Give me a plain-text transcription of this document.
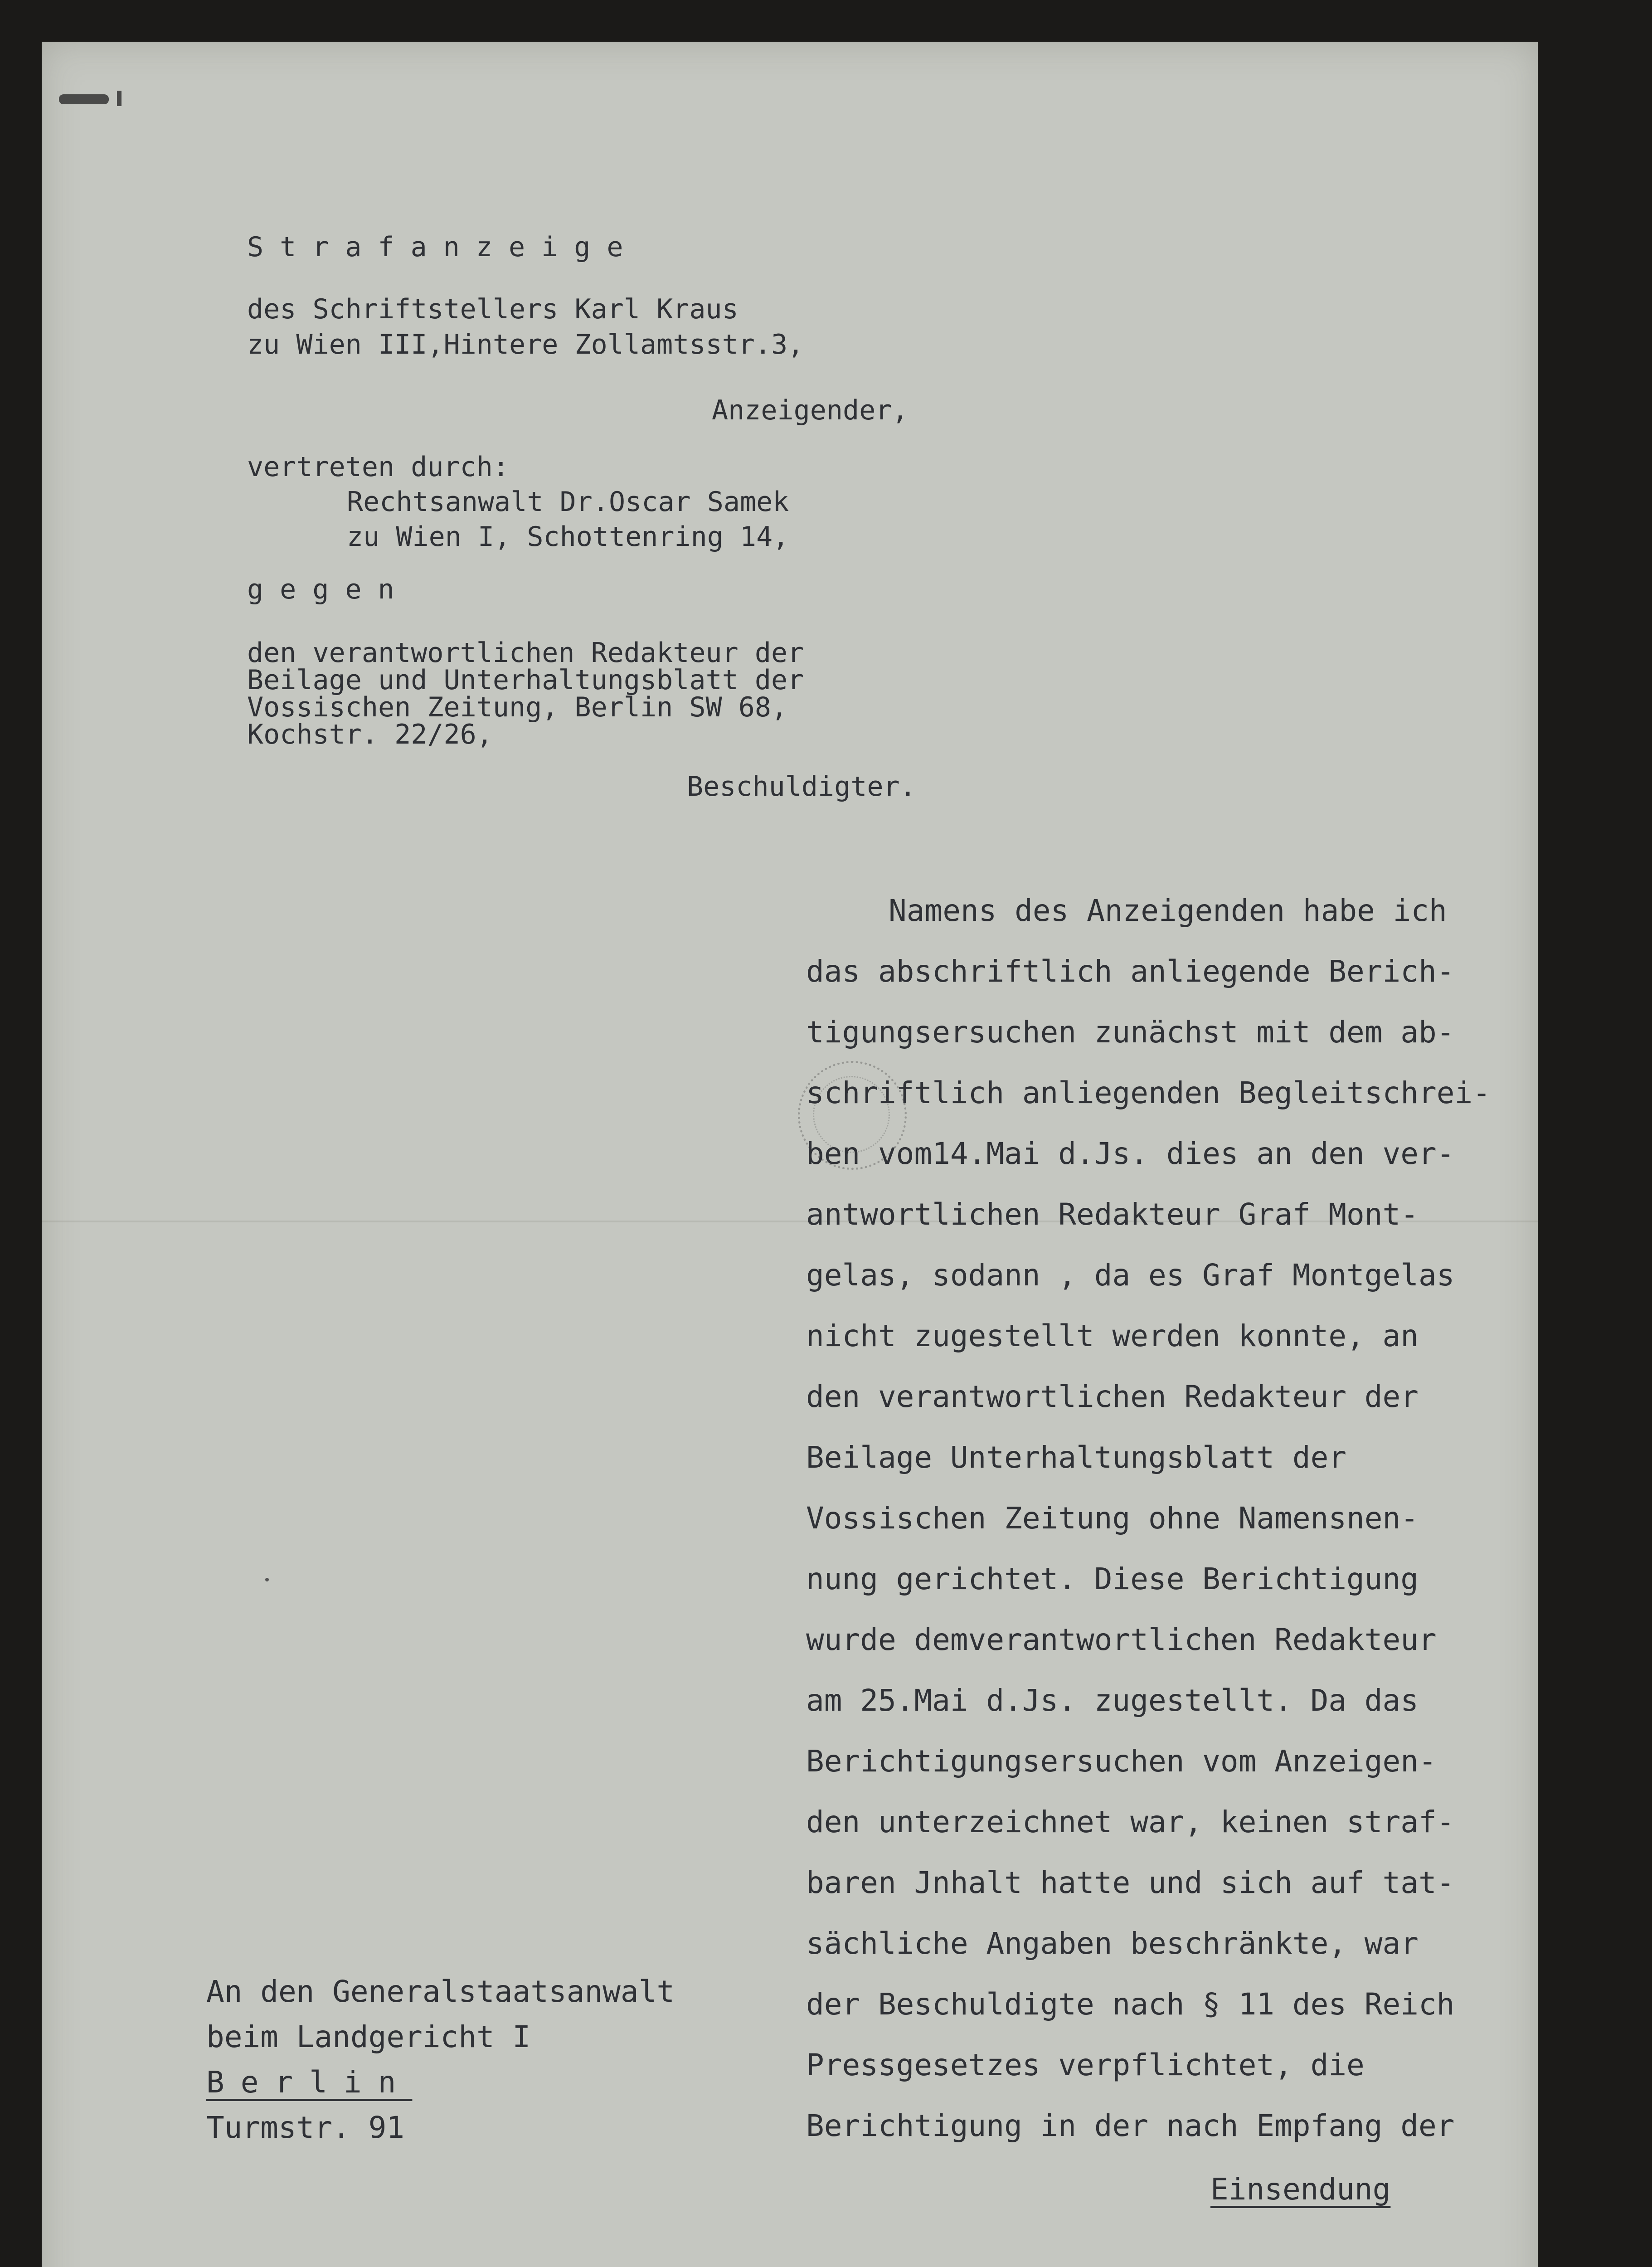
Strafanzeige

des Schriftstellers Karl Kraus

zu Wien III,Hintere Zollamtsstr.3,

Anzeigender,

vertreten durch:

Rechtsanwalt Dr.Oscar Samek

zu Wien I, Schottenring 14,

gegen

den verantwortlichen Redakteur der

Beilage und Unterhaltungsblatt der

Vossischen Zeitung, Berlin SW 68,

Kochstr. 22/26,

Beschuldigter.

Namens des Anzeigenden habe ich

das abschriftlich anliegende Berich-

tigungsersuchen zunächst mit dem ab-

schriftlich anliegenden Begleitschrei-

ben vom14.Mai d.Js. dies an den ver-

antwortlichen Redakteur Graf Mont-

gelas, sodann , da es Graf Montgelas

nicht zugestellt werden konnte, an

den verantwortlichen Redakteur der

Beilage Unterhaltungsblatt der

Vossischen Zeitung ohne Namensnen-

nung gerichtet. Diese Berichtigung

wurde demverantwortlichen Redakteur

am 25.Mai d.Js. zugestellt. Da das

Berichtigungsersuchen vom Anzeigen-

den unterzeichnet war, keinen straf-

baren Jnhalt hatte und sich auf tat-

sächliche Angaben beschränkte, war

der Beschuldigte nach § 11 des Reich

Pressgesetzes verpflichtet, die

Berichtigung in der nach Empfang der

Einsendung

An den Generalstaatsanwalt

beim Landgericht I

Berlin

Turmstr. 91
